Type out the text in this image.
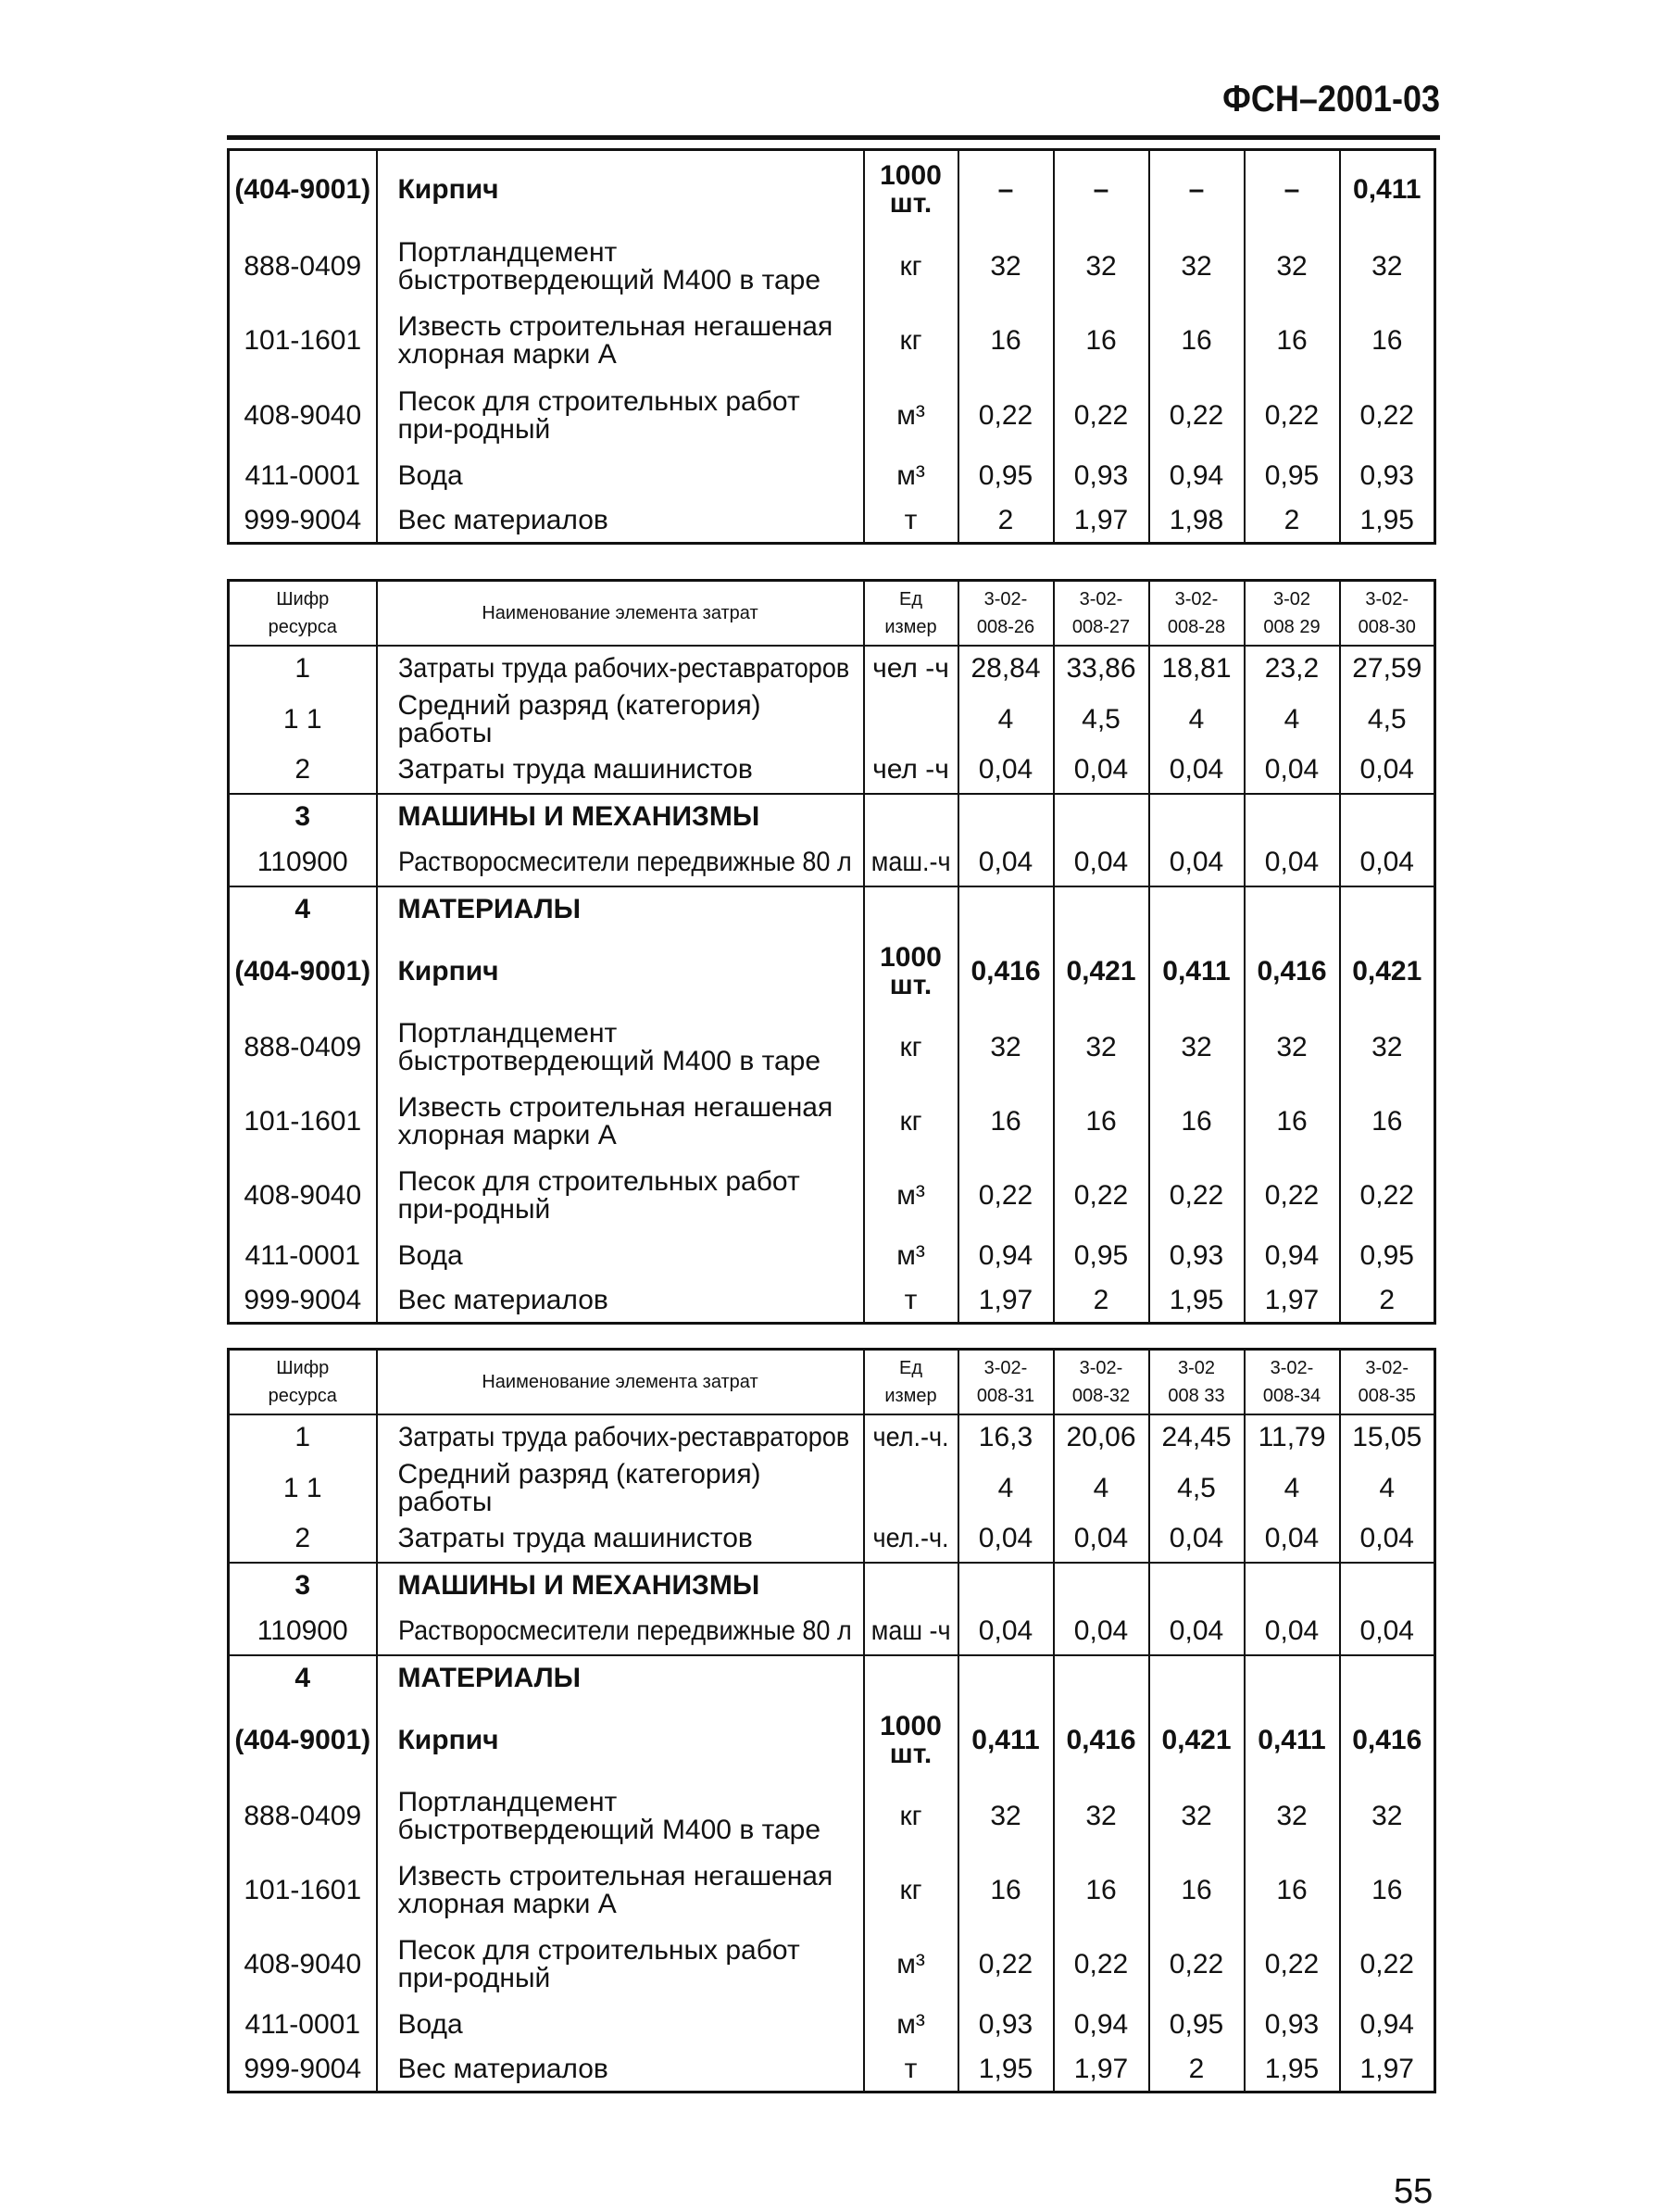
ФСН–2001-03
(404-9001)	Кирпич	1000 шт.	–	–	–	–	0,411
888-0409	Портландцемент быстротвердеющий М400 в таре	кг	32	32	32	32	32
101-1601	Известь строительная негашеная хлорная марки А	кг	16	16	16	16	16
408-9040	Песок для строительных работ при-родный	м³	0,22	0,22	0,22	0,22	0,22
411-0001	Вода	м³	0,95	0,93	0,94	0,95	0,93
999-9004	Вес материалов	т	2	1,97	1,98	2	1,95
Шифр ресурса	Наименование элемента затрат	Ед измер	3-02-008-26	3-02-008-27	3-02-008-28	3-02 008 29	3-02-008-30
1	Затраты труда рабочих-реставраторов	чел -ч	28,84	33,86	18,81	23,2	27,59
1 1	Средний разряд (категория) работы		4	4,5	4	4	4,5
2	Затраты труда машинистов	чел -ч	0,04	0,04	0,04	0,04	0,04
3	МАШИНЫ И МЕХАНИЗМЫ						
110900	Растворосмесители передвижные 80 л	маш.-ч	0,04	0,04	0,04	0,04	0,04
4	МАТЕРИАЛЫ						
(404-9001)	Кирпич	1000 шт.	0,416	0,421	0,411	0,416	0,421
888-0409	Портландцемент быстротвердеющий М400 в таре	кг	32	32	32	32	32
101-1601	Известь строительная негашеная хлорная марки А	кг	16	16	16	16	16
408-9040	Песок для строительных работ при-родный	м³	0,22	0,22	0,22	0,22	0,22
411-0001	Вода	м³	0,94	0,95	0,93	0,94	0,95
999-9004	Вес материалов	т	1,97	2	1,95	1,97	2
Шифр ресурса	Наименование элемента затрат	Ед измер	3-02-008-31	3-02-008-32	3-02 008 33	3-02-008-34	3-02-008-35
1	Затраты труда рабочих-реставраторов	чел.-ч.	16,3	20,06	24,45	11,79	15,05
1 1	Средний разряд (категория) работы		4	4	4,5	4	4
2	Затраты труда машинистов	чел.-ч.	0,04	0,04	0,04	0,04	0,04
3	МАШИНЫ И МЕХАНИЗМЫ						
110900	Растворосмесители передвижные 80 л	маш -ч	0,04	0,04	0,04	0,04	0,04
4	МАТЕРИАЛЫ						
(404-9001)	Кирпич	1000 шт.	0,411	0,416	0,421	0,411	0,416
888-0409	Портландцемент быстротвердеющий М400 в таре	кг	32	32	32	32	32
101-1601	Известь строительная негашеная хлорная марки А	кг	16	16	16	16	16
408-9040	Песок для строительных работ при-родный	м³	0,22	0,22	0,22	0,22	0,22
411-0001	Вода	м³	0,93	0,94	0,95	0,93	0,94
999-9004	Вес материалов	т	1,95	1,97	2	1,95	1,97
55
